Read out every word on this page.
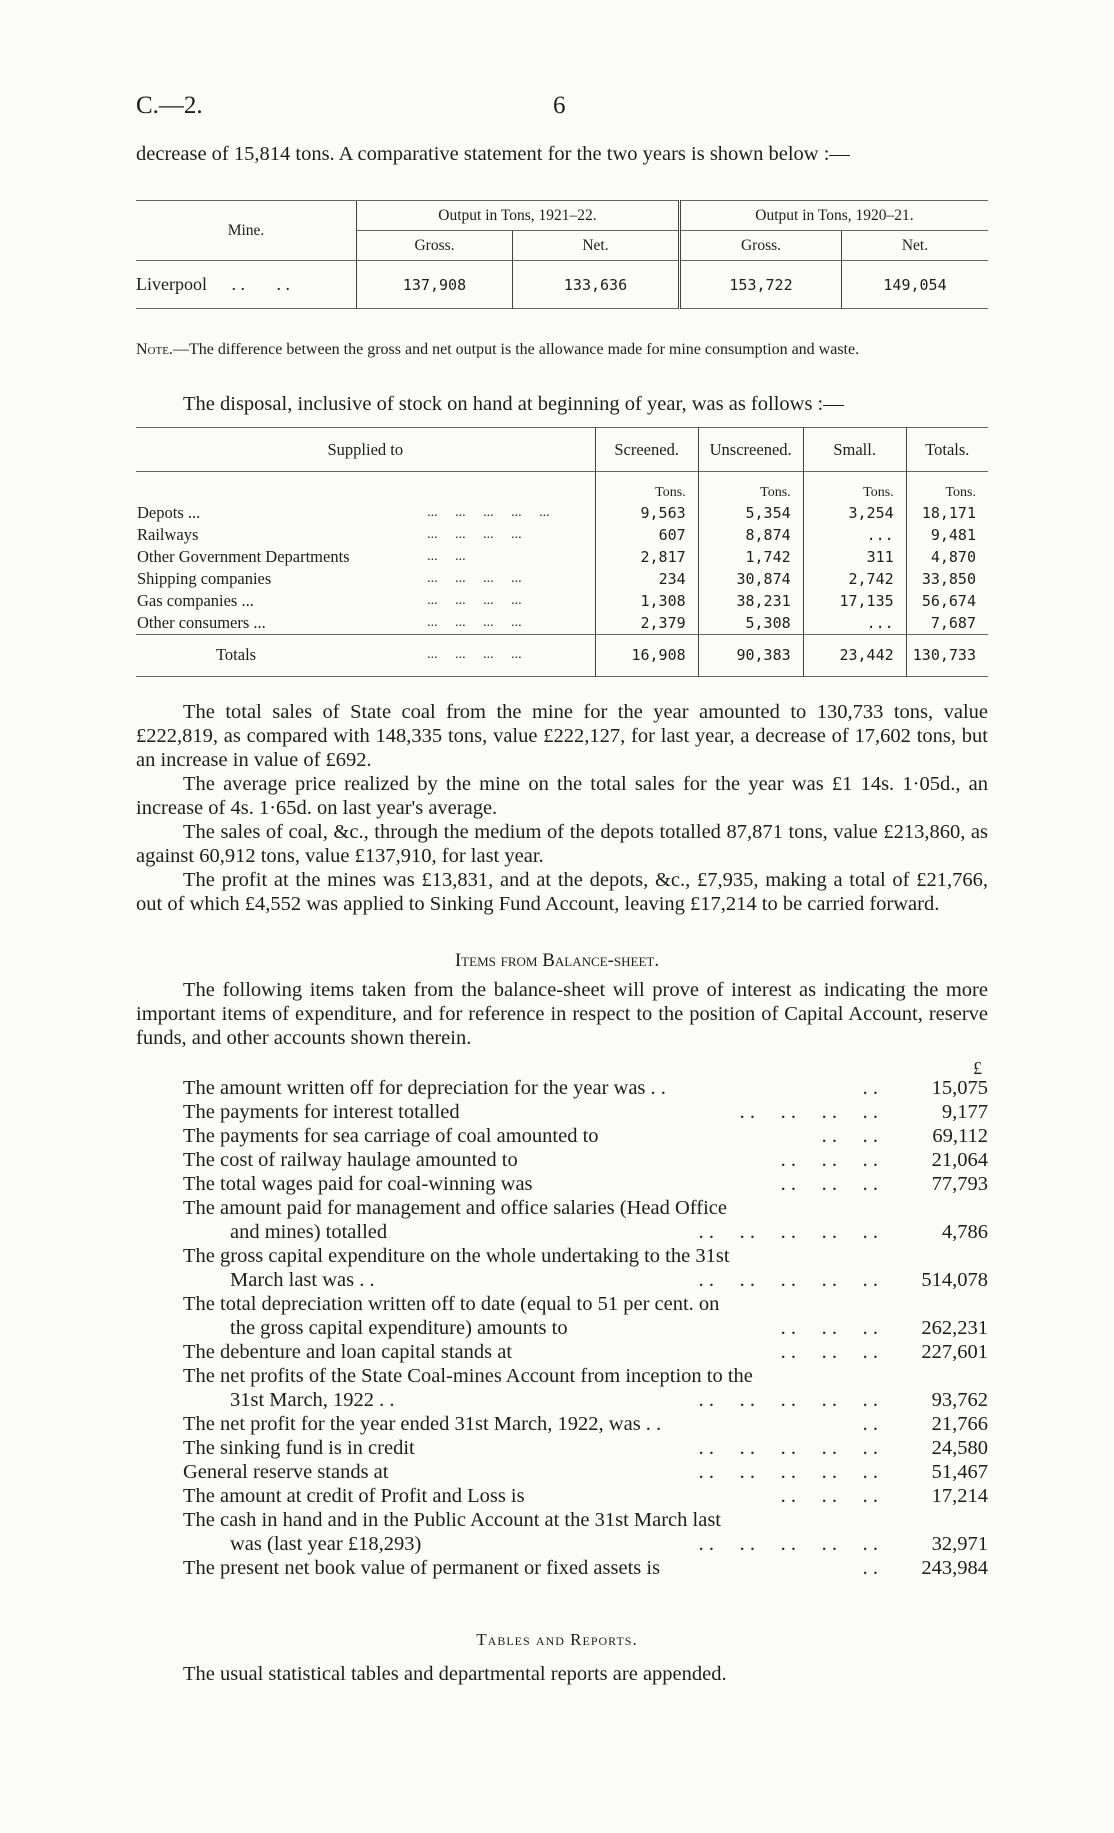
C.—2.	6
decrease of 15,814 tons. A comparative statement for the two years is shown below :—
Mine.	Output in Tons, 1921–22.		Output in Tons, 1920–21.	
	Gross.	Net.	Gross.	Net.
Liverpool . .       . .	137,908	133,636	153,722	149,054

Note.—The difference between the gross and net output is the allowance made for mine consumption and waste.
The disposal, inclusive of stock on hand at beginning of year, was as follows :—
Supplied to		Screened.	Unscreened.	Small.	Totals.
		Tons.	Tons.	Tons.	Tons.
Depots ...	...     ...     ...     ...     ...	9,563	5,354	3,254	18,171
Railways	...     ...     ...     ...	607	8,874	...	9,481
Other Government Departments	...     ...	2,817	1,742	311	4,870
Shipping companies	...     ...     ...     ...	234	30,874	2,742	33,850
Gas companies ...	...     ...     ...     ...	1,308	38,231	17,135	56,674
Other consumers ...	...     ...     ...     ...	2,379	5,308	...	7,687
Totals	...     ...     ...     ...	16,908	90,383	23,442	130,733

The total sales of State coal from the mine for the year amounted to 130,733 tons, value £222,819, as compared with 148,335 tons, value £222,127, for last year, a decrease of 17,602 tons, but an increase in value of £692.
The average price realized by the mine on the total sales for the year was £1 14s. 1·05d., an increase of 4s. 1·65d. on last year's average.
The sales of coal, &c., through the medium of the depots totalled 87,871 tons, value £213,860, as against 60,912 tons, value £137,910, for last year.
The profit at the mines was £13,831, and at the depots, &c., £7,935, making a total of £21,766, out of which £4,552 was applied to Sinking Fund Account, leaving £17,214 to be carried forward.
Items from Balance-sheet.
The following items taken from the balance-sheet will prove of interest as indicating the more important items of expenditure, and for reference in respect to the position of Capital Account, reserve funds, and other accounts shown therein.
£
The amount written off for depreciation for the year was . .	. .	15,075
The payments for interest totalled	. .     . .     . .     . .	9,177
The payments for sea carriage of coal amounted to	. .     . .	69,112
The cost of railway haulage amounted to	. .     . .     . .	21,064
The total wages paid for coal-winning was	. .     . .     . .	77,793
The amount paid for management and office salaries (Head Office
and mines) totalled	. .     . .     . .     . .     . .	4,786
The gross capital expenditure on the whole undertaking to the 31st
March last was . .	. .     . .     . .     . .     . . 514,078
The total depreciation written off to date (equal to 51 per cent. on
the gross capital expenditure) amounts to	. .     . .     . . 262,231
The debenture and loan capital stands at	. .     . .     . . 227,601
The net profits of the State Coal-mines Account from inception to the
31st March, 1922 . .	. .     . .     . .     . .     . .	93,762
The net profit for the year ended 31st March, 1922, was . .	. .	21,766
The sinking fund is in credit	. .     . .     . .     . .     . .	24,580
General reserve stands at	. .     . .     . .     . .     . .	51,467
The amount at credit of Profit and Loss is	. .     . .     . .	17,214
The cash in hand and in the Public Account at the 31st March last
was (last year £18,293)	. .     . .     . .     . .     . .	32,971
The present net book value of permanent or fixed assets is	. . 243,984
Tables and Reports.
The usual statistical tables and departmental reports are appended.
